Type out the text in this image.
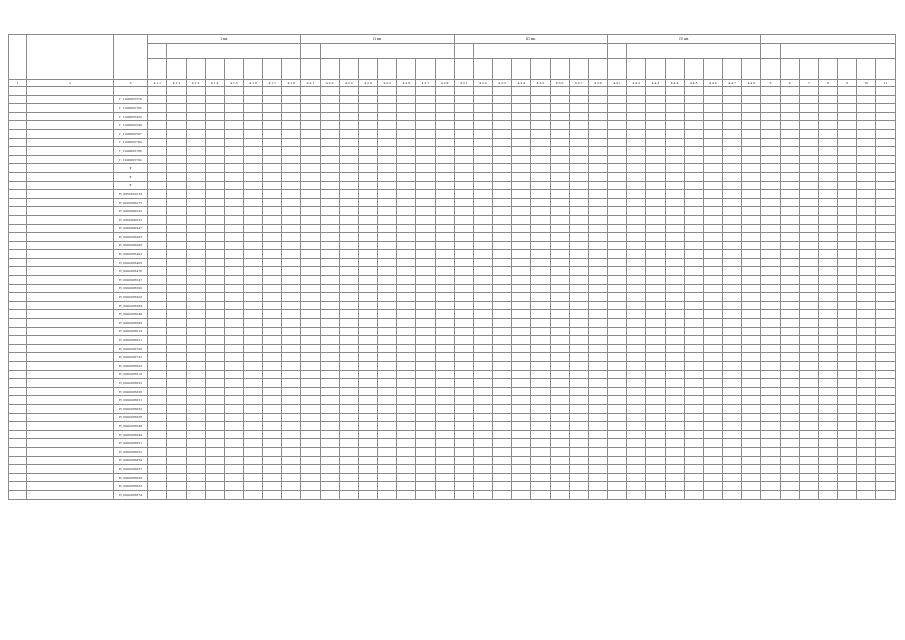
			I кв.								II кв.								III кв.								IV кв.														

1	2	3	4.1.1	4.1.2	4.1.3	4.1.4	4.1.5	4.1.6	4.1.7	4.1.8	4.2.1	4.2.2	4.2.3	4.2.4	4.2.5	4.2.6	4.2.7	4.2.8	4.3.1	4.3.2	4.3.3	4.3.4	4.3.5	4.3.6	4.3.7	4.3.8	4.4.1	4.4.2	4.4.3	4.4.4	4.4.5	4.4.6	4.4.7	4.4.8	5	6	7	8	9	10	11

		Г_1000605576																																							
		Г_1000605782																																							
		Г_1000605432																																							
		Г_1000600544																																							
		Г_1000600567																																							
		Г_1000605784																																							
		Г_1000605786																																							
		Г_1000605792																																							
		Г																																							
		Г																																							
		Г																																							
		Н_0950601819																																							
		Н_0000005275																																							
		Н_0990000222																																							
		Н_0990000223																																							
		Н_0990000447																																							
		Н_0990005963																																							
		Н_0990005966																																							
		Н_0990005403																																							
		Н_0990005405																																							
		Н_0990005478																																							
		Н_0990005547																																							
		Н_0990005500																																							
		Н_0990005503																																							
		Н_0990005584																																							
		Н_0990005640																																							
		Н_0990005669																																							
		Н_0990005614																																							
		Н_0990005621																																							
		Н_0990005700																																							
		Н_0990005723																																							
		Н_0990005803																																							
		Н_0990005810																																							
		Н_0990005822																																							
		Н_0990005830																																							
		Н_0990005831																																							
		Н_0990005832																																							
		Н_0990005835																																							
		Н_0990005848																																							
		Н_0990005849																																							
		Н_0990005851																																							
		Н_0990005852																																							
		Н_0990005854																																							
		Н_0990005857																																							
		Н_0990005856																																							
		Н_0990005863																																							
		Н_0990005874																																							
